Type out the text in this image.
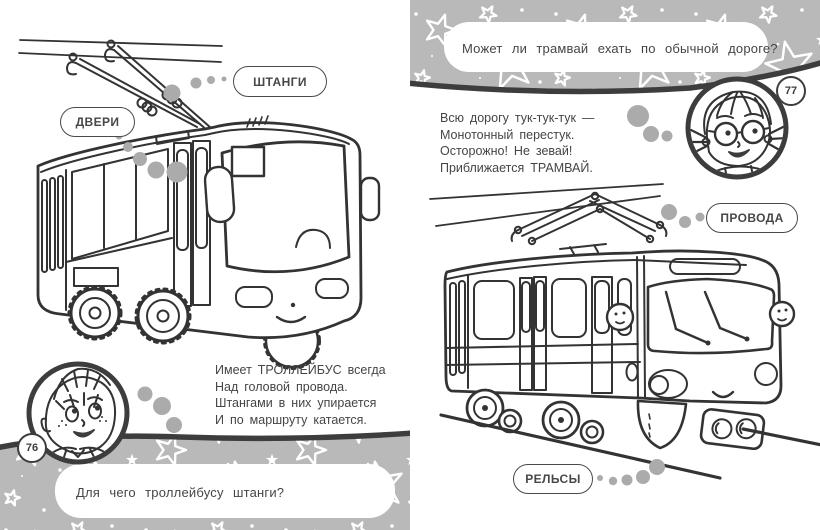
ШТАНГИ
ДВЕРИ
Имеет ТРОЛЛЕЙБУС всегда
Над головой провода.
Штангами в них упирается
И по маршруту катается.
76
Для чего троллейбусу штанги?
Может ли трамвай ехать по обычной дороге?
Всю дорогу тук-тук-тук —
Монотонный перестук.
Осторожно! Не зевай!
Приближается ТРАМВАЙ.
ПРОВОДА
РЕЛЬСЫ
77
